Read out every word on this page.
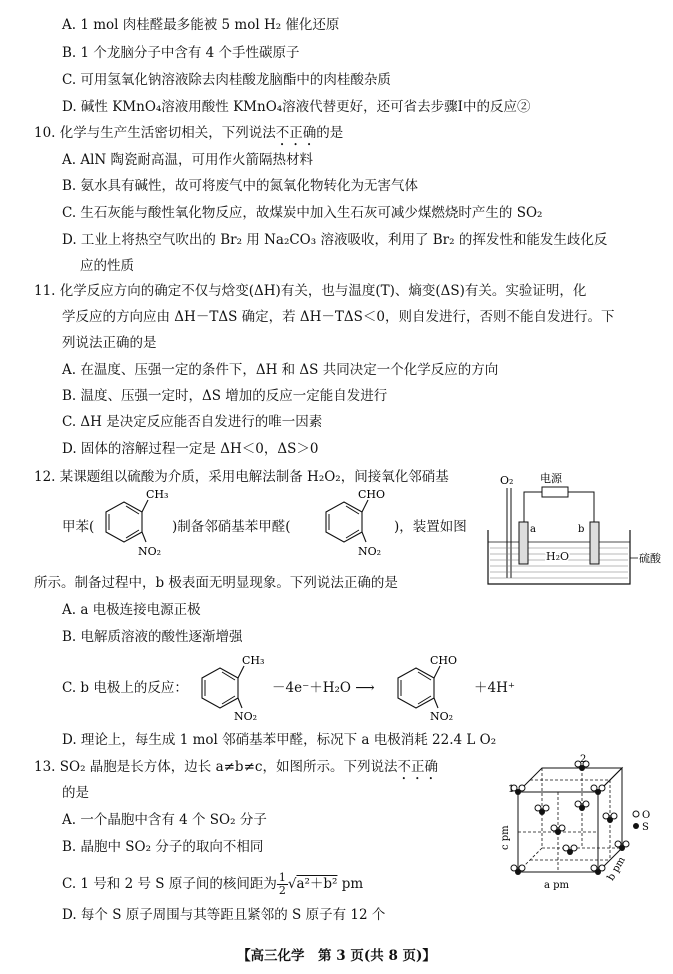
A. 1 mol 肉桂醛最多能被 5 mol H₂ 催化还原
B. 1 个龙脑分子中含有 4 个手性碳原子
C. 可用氢氧化钠溶液除去肉桂酸龙脑酯中的肉桂酸杂质
D. 碱性 KMnO₄溶液用酸性 KMnO₄溶液代替更好，还可省去步骤Ⅰ中的反应②
10. 化学与生产生活密切相关，下列说法不正确的是
A. AlN 陶瓷耐高温，可用作火箭隔热材料
B. 氨水具有碱性，故可将废气中的氮氧化物转化为无害气体
C. 生石灰能与酸性氧化物反应，故煤炭中加入生石灰可减少煤燃烧时产生的 SO₂
D. 工业上将热空气吹出的 Br₂ 用 Na₂CO₃ 溶液吸收，利用了 Br₂ 的挥发性和能发生歧化反
应的性质
11. 化学反应方向的确定不仅与焓变(ΔH)有关，也与温度(T)、熵变(ΔS)有关。实验证明，化
学反应的方向应由 ΔH－TΔS 确定，若 ΔH－TΔS＜0，则自发进行，否则不能自发进行。下
列说法正确的是
A. 在温度、压强一定的条件下，ΔH 和 ΔS 共同决定一个化学反应的方向
B. 温度、压强一定时，ΔS 增加的反应一定能自发进行
C. ΔH 是决定反应能否自发进行的唯一因素
D. 固体的溶解过程一定是 ΔH＜0，ΔS＞0
12. 某课题组以硫酸为介质，采用电解法制备 H₂O₂，间接氧化邻硝基
甲苯(
CH₃
NO₂
)制备邻硝基苯甲醛(
CHO
NO₂
)，装置如图
O₂ 电源
a	b
H₂O	硫酸
所示。制备过程中，b 极表面无明显现象。下列说法正确的是
A. a 电极连接电源正极
B. 电解质溶液的酸性逐渐增强
C. b 电极上的反应：
CH₃
NO₂
－4e⁻＋H₂O ⟶
CHO
NO₂
＋4H⁺
D. 理论上，每生成 1 mol 邻硝基苯甲醛，标况下 a 电极消耗 22.4 L O₂
13. SO₂ 晶胞是长方体，边长 a≠b≠c，如图所示。下列说法不正确
的是
A. 一个晶胞中含有 4 个 SO₂ 分子
B. 晶胞中 SO₂ 分子的取向不相同
C. 1 号和 2 号 S 原子间的核间距为 $\frac{1}{2} √a^2+b^2$ pm
D. 每个 S 原子周围与其等距且紧邻的 S 原子有 12 个
1
2
a pm
b pm
c pm
O
S
【高三化学　第 3 页(共 8 页)】
